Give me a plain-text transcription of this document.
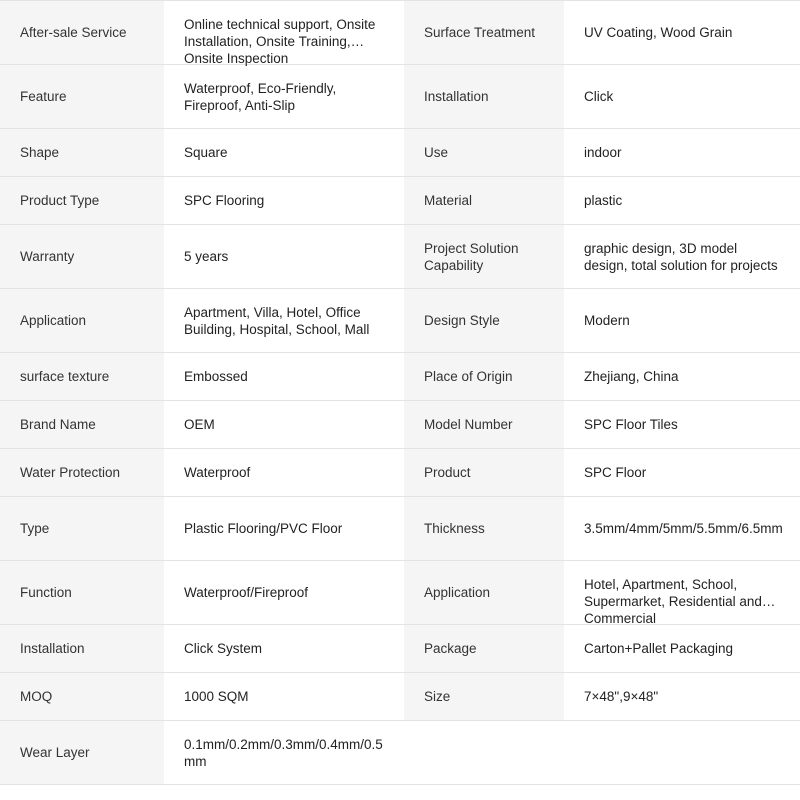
After-sale Service	Online technical support, Onsite Installation, Onsite Training, Onsite Inspection	Surface Treatment	UV Coating, Wood Grain

Feature	Waterproof, Eco-Friendly, Fireproof, Anti-Slip	Installation	Click

Shape	Square	Use	indoor

Product Type	SPC Flooring	Material	plastic

Warranty	5 years	Project Solution Capability	graphic design, 3D model design, total solution for projects

Application	Apartment, Villa, Hotel, Office Building, Hospital, School, Mall	Design Style	Modern

surface texture	Embossed	Place of Origin	Zhejiang, China

Brand Name	OEM	Model Number	SPC Floor Tiles

Water Protection	Waterproof	Product	SPC Floor

Type	Plastic Flooring/PVC Floor	Thickness	3.5mm/4mm/5mm/5.5mm/6.5mm

Function	Waterproof/Fireproof	Application	Hotel, Apartment, School, Supermarket, Residential and Commercial

Installation	Click System	Package	Carton+Pallet Packaging

MOQ	1000 SQM	Size	7×48",9×48"

Wear Layer	0.1mm/0.2mm/0.3mm/0.4mm/0.5mm		
